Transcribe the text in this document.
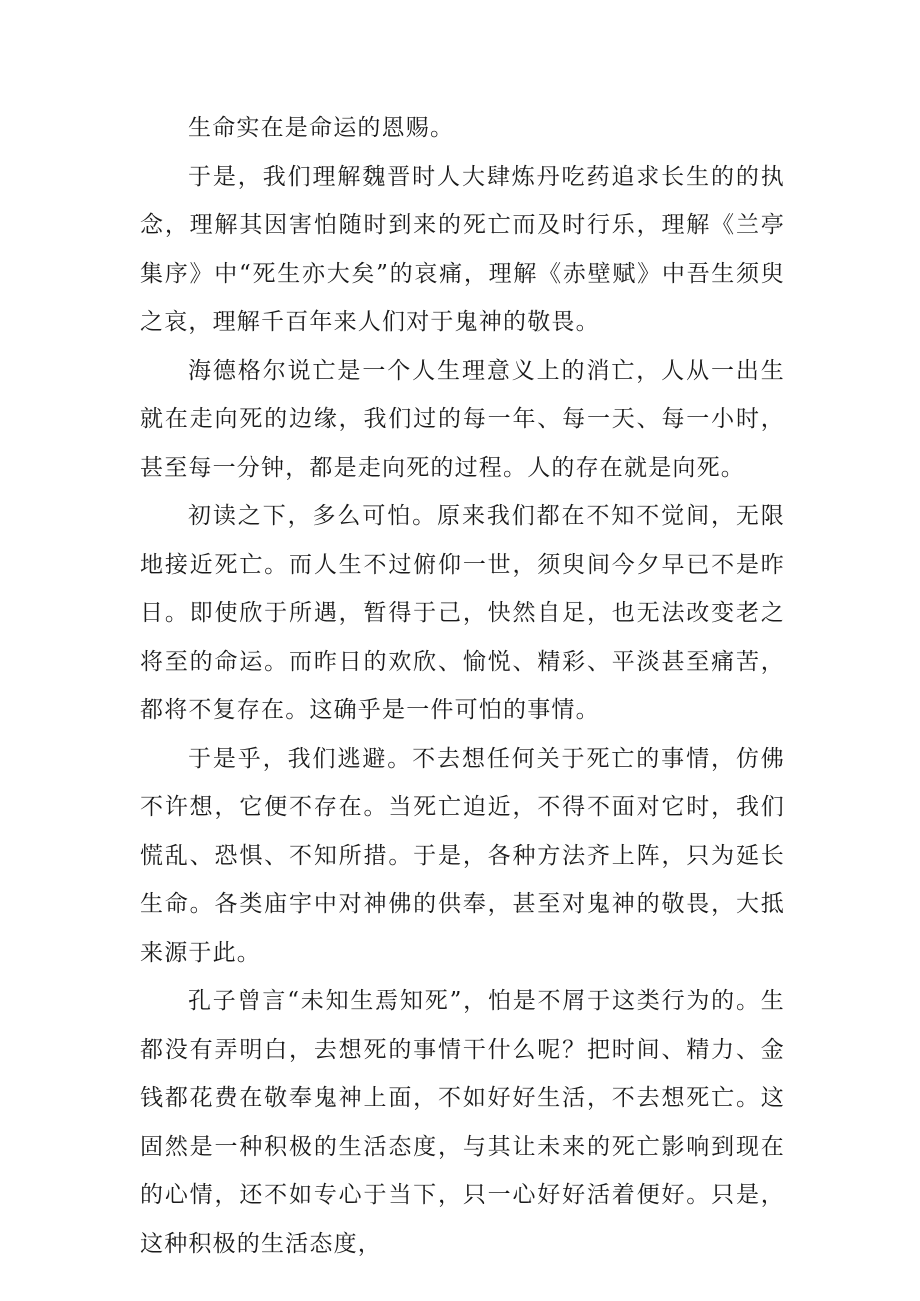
生命实在是命运的恩赐。

于是，我们理解魏晋时人大肆炼丹吃药追求长生的的执念，理解其因害怕随时到来的死亡而及时行乐，理解《兰亭集序》中“死生亦大矣”的哀痛，理解《赤壁赋》中吾生须臾之哀，理解千百年来人们对于鬼神的敬畏。

海德格尔说亡是一个人生理意义上的消亡，人从一出生就在走向死的边缘，我们过的每一年、每一天、每一小时，甚至每一分钟，都是走向死的过程。人的存在就是向死。

初读之下，多么可怕。原来我们都在不知不觉间，无限地接近死亡。而人生不过俯仰一世，须臾间今夕早已不是昨日。即使欣于所遇，暂得于己，快然自足，也无法改变老之将至的命运。而昨日的欢欣、愉悦、精彩、平淡甚至痛苦，都将不复存在。这确乎是一件可怕的事情。

于是乎，我们逃避。不去想任何关于死亡的事情，仿佛不许想，它便不存在。当死亡迫近，不得不面对它时，我们慌乱、恐惧、不知所措。于是，各种方法齐上阵，只为延长生命。各类庙宇中对神佛的供奉，甚至对鬼神的敬畏，大抵来源于此。

孔子曾言“未知生焉知死”，怕是不屑于这类行为的。生都没有弄明白，去想死的事情干什么呢？把时间、精力、金钱都花费在敬奉鬼神上面，不如好好生活，不去想死亡。这固然是一种积极的生活态度，与其让未来的死亡影响到现在的心情，还不如专心于当下，只一心好好活着便好。只是，这种积极的生活态度，
